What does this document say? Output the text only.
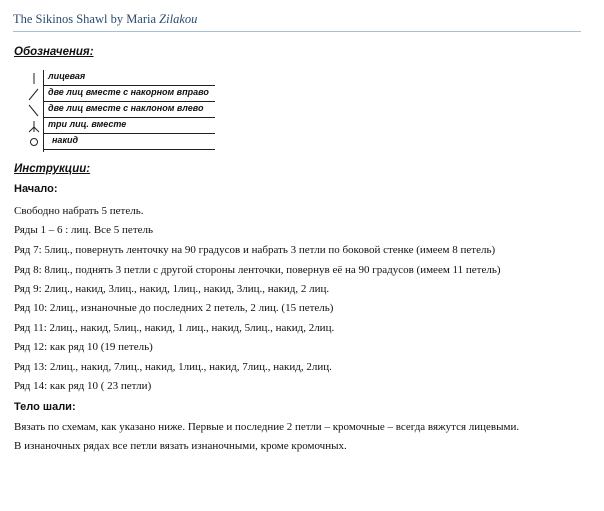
The Sikinos Shawl by Maria Zilakou
Обозначения:
лицевая
две лиц вместе с накорном вправо
две лиц вместе с наклоном влево
три лиц. вместе
накид
Инструкции:
Начало:
Свободно набрать 5 петель.
Ряды 1 – 6 : лиц. Все 5 петель
Ряд 7: 5лиц., повернуть ленточку на 90 градусов и набрать 3 петли по боковой стенке (имеем 8 петель)
Ряд 8: 8лиц., поднять 3 петли с другой стороны ленточки, повернув её на 90 градусов (имеем 11 петель)
Ряд 9: 2лиц., накид, 3лиц., накид, 1лиц., накид, 3лиц., накид, 2 лиц.
Ряд 10: 2лиц., изнаночные до последних 2 петель, 2 лиц. (15 петель)
Ряд 11: 2лиц., накид, 5лиц., накид, 1 лиц., накид, 5лиц., накид, 2лиц.
Ряд 12: как ряд 10 (19 петель)
Ряд 13: 2лиц., накид, 7лиц., накид, 1лиц., накид, 7лиц., накид, 2лиц.
Ряд 14: как ряд 10 ( 23 петли)
Тело шали:
Вязать по схемам, как указано ниже. Первые и последние 2 петли – кромочные – всегда вяжутся лицевыми.
В изнаночных рядах все петли вязать изнаночными, кроме кромочных.
